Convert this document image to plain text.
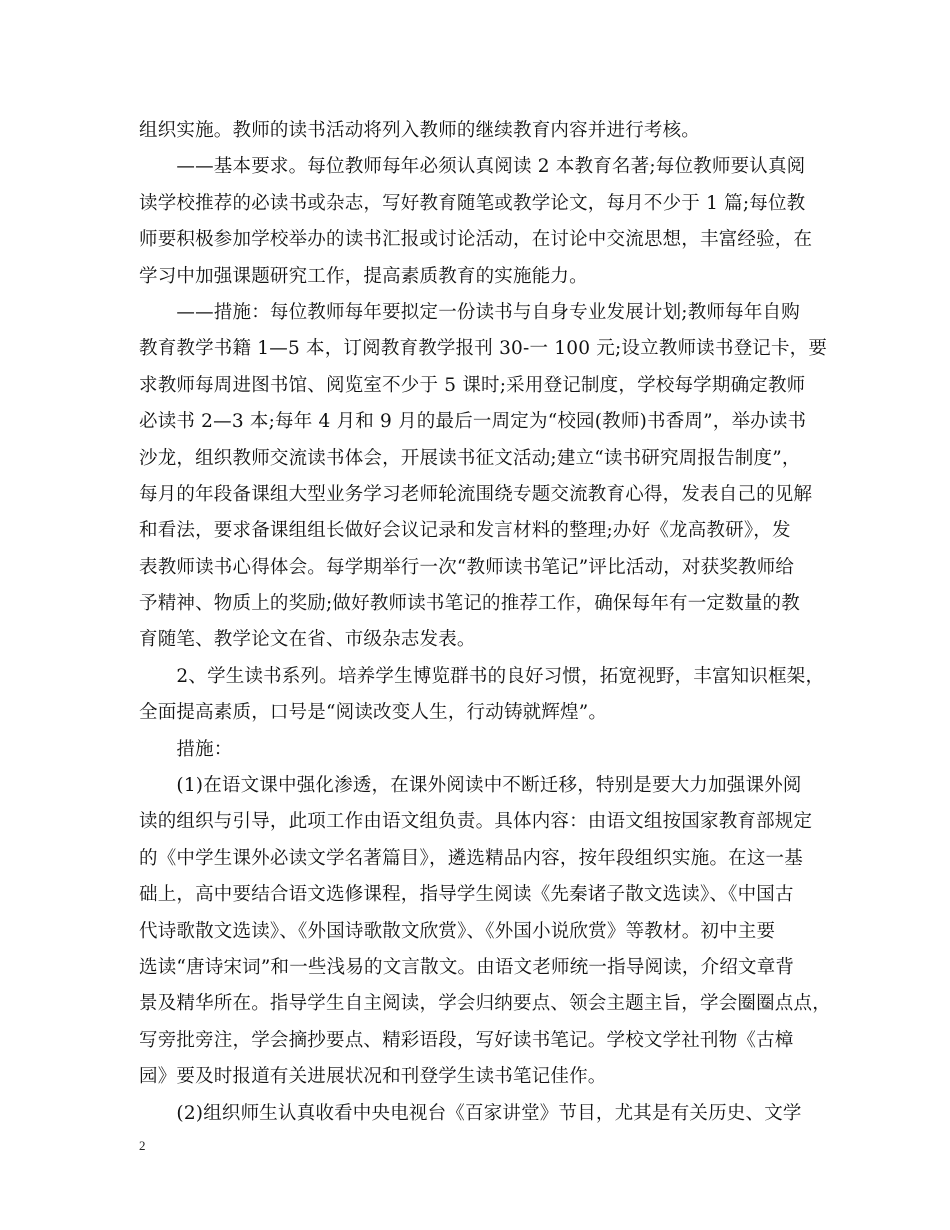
组织实施。教师的读书活动将列入教师的继续教育内容并进行考核。
　　——基本要求。每位教师每年必须认真阅读 2 本教育名著;每位教师要认真阅
读学校推荐的必读书或杂志，写好教育随笔或教学论文，每月不少于 1 篇;每位教
师要积极参加学校举办的读书汇报或讨论活动，在讨论中交流思想，丰富经验，在
学习中加强课题研究工作，提高素质教育的实施能力。
　　——措施：每位教师每年要拟定一份读书与自身专业发展计划;教师每年自购
教育教学书籍 1—5 本，订阅教育教学报刊 30-一 100 元;设立教师读书登记卡，要
求教师每周进图书馆、阅览室不少于 5 课时;采用登记制度，学校每学期确定教师
必读书 2—3 本;每年 4 月和 9 月的最后一周定为“校园(教师)书香周”，举办读书
沙龙，组织教师交流读书体会，开展读书征文活动;建立“读书研究周报告制度”，
每月的年段备课组大型业务学习老师轮流围绕专题交流教育心得，发表自己的见解
和看法，要求备课组组长做好会议记录和发言材料的整理;办好《龙高教研》，发
表教师读书心得体会。每学期举行一次“教师读书笔记”评比活动，对获奖教师给
予精神、物质上的奖励;做好教师读书笔记的推荐工作，确保每年有一定数量的教
育随笔、教学论文在省、市级杂志发表。
　　2、学生读书系列。培养学生博览群书的良好习惯，拓宽视野，丰富知识框架，
全面提高素质，口号是“阅读改变人生，行动铸就辉煌”。
　　措施：
　　(1)在语文课中强化渗透，在课外阅读中不断迁移，特别是要大力加强课外阅
读的组织与引导，此项工作由语文组负责。具体内容：由语文组按国家教育部规定
的《中学生课外必读文学名著篇目》，遴选精品内容，按年段组织实施。在这一基
础上，高中要结合语文选修课程，指导学生阅读《先秦诸子散文选读》、《中国古
代诗歌散文选读》、《外国诗歌散文欣赏》、《外国小说欣赏》等教材。初中主要
选读“唐诗宋词”和一些浅易的文言散文。由语文老师统一指导阅读，介绍文章背
景及精华所在。指导学生自主阅读，学会归纳要点、领会主题主旨，学会圈圈点点，
写旁批旁注，学会摘抄要点、精彩语段，写好读书笔记。学校文学社刊物《古樟
园》要及时报道有关进展状况和刊登学生读书笔记佳作。
　　(2)组织师生认真收看中央电视台《百家讲堂》节目，尤其是有关历史、文学
2
